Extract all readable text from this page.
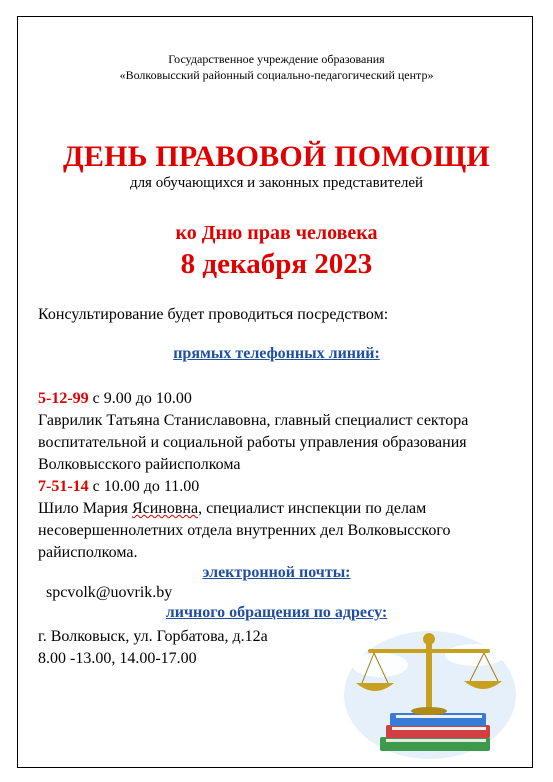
Государственное учреждение образования
«Волковысский районный социально-педагогический центр»
ДЕНЬ ПРАВОВОЙ ПОМОЩИ
для обучающихся и законных представителей
ко Дню прав человека
8 декабря 2023
Консультирование будет проводиться посредством:
прямых телефонных линий:
5-12-99 с 9.00 до 10.00
Гаврилик Татьяна Станиславовна, главный специалист сектора воспитательной и социальной работы управления образования Волковысского райисполкома
7-51-14 с 10.00 до 11.00
Шило Мария Ясиновна, специалист инспекции по делам несовершеннолетних отдела внутренних дел Волковысского райисполкома.
электронной почты:
spcvolk@uovrik.by
личного обращения по адресу:
г. Волковыск, ул. Горбатова, д.12а
8.00 -13.00, 14.00-17.00
